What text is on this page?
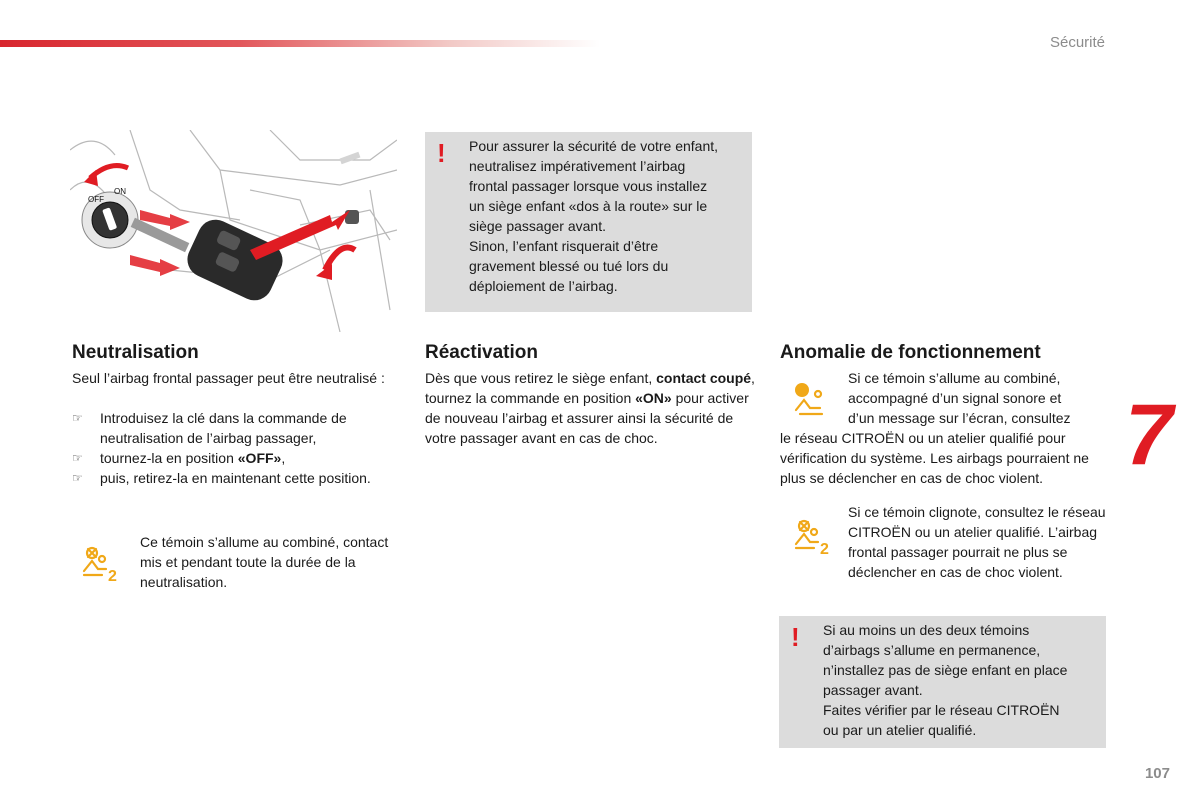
Sécurité
OFF
ON
! Pour assurer la sécurité de votre enfant,

neutralisez impérativement l’airbag

frontal passager lorsque vous installez

un siège enfant «dos à la route» sur le

siège passager avant.

Sinon, l’enfant risquerait d’être

gravement blessé ou tué lors du

déploiement de l’airbag.

Neutralisation

Seul l’airbag frontal passager peut être neutralisé :

☞ Introduisez la clé dans la commande de neutralisation de l’airbag passager,
☞ tournez-la en position «OFF»,
☞ puis, retirez-la en maintenant cette position.
2

Ce témoin s’allume au combiné, contact mis et pendant toute la durée de la neutralisation.

Réactivation

Dès que vous retirez le siège enfant, contact coupé, tournez la commande en position «ON» pour activer de nouveau l’airbag et assurer ainsi la sécurité de votre passager avant en cas de choc.

Anomalie de fonctionnement
Si ce témoin s’allume au combiné,
accompagné d’un signal sonore et
d’un message sur l’écran, consultez

le réseau CITROËN ou un atelier qualifié pour vérification du système. Les airbags pourraient ne plus se déclencher en cas de choc violent.

2

Si ce témoin clignote, consultez le réseau CITROËN ou un atelier qualifié. L’airbag frontal passager pourrait ne plus se déclencher en cas de choc violent.

! Si au moins un des deux témoins

d’airbags s’allume en permanence,

n’installez pas de siège enfant en place

passager avant.

Faites vérifier par le réseau CITROËN

ou par un atelier qualifié.

7
107
